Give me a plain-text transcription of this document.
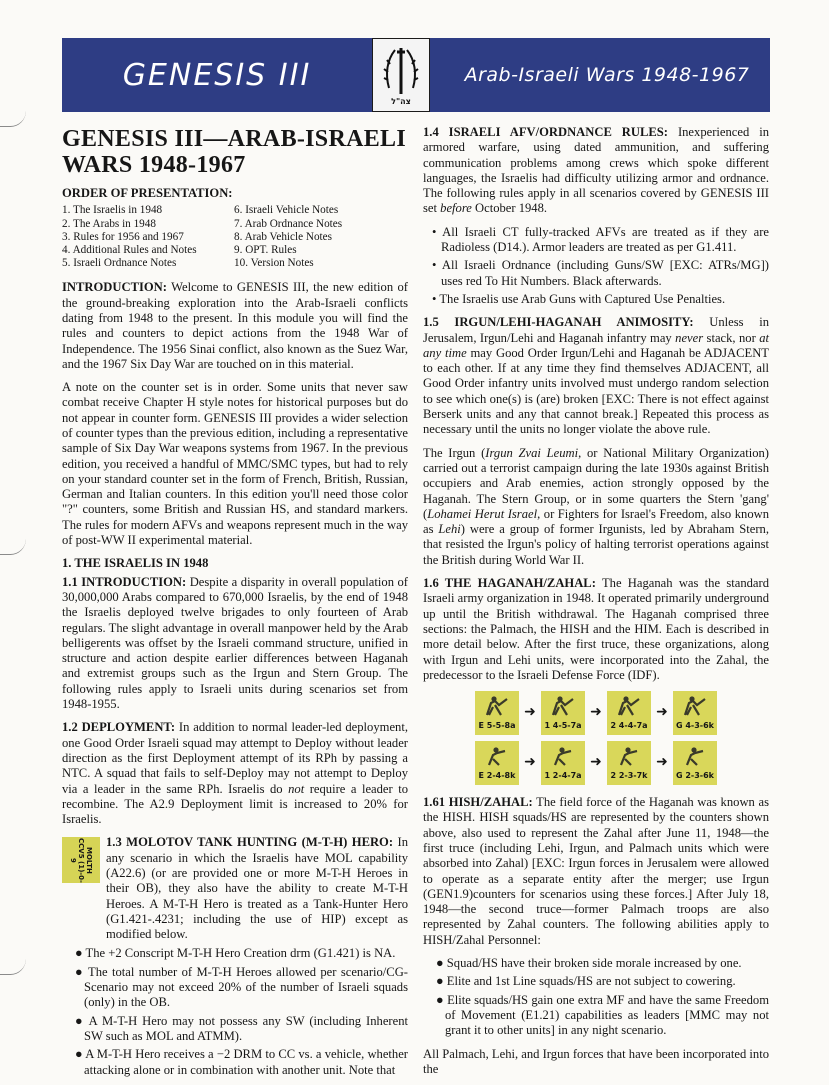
GENESIS III
צה"ל
Arab-Israeli Wars 1948-1967
GENESIS III—ARAB-ISRAELI WARS 1948-1967
ORDER OF PRESENTATION:
1. The Israelis in 1948	6. Israeli Vehicle Notes
2. The Arabs in 1948	7. Arab Ordnance Notes
3. Rules for 1956 and 1967	8. Arab Vehicle Notes
4. Additional Rules and Notes	9. OPT. Rules
5. Israeli Ordnance Notes	10. Version Notes

INTRODUCTION: Welcome to GENESIS III, the new edition of the ground-breaking exploration into the Arab-Israeli conflicts dating from 1948 to the present. In this module you will find the rules and counters to depict actions from the 1948 War of Independence. The 1956 Sinai conflict, also known as the Suez War, and the 1967 Six Day War are touched on in this material.

A note on the counter set is in order. Some units that never saw combat receive Chapter H style notes for historical purposes but do not appear in counter form. GENESIS III provides a wider selection of counter types than the previous edition, including a representative sample of Six Day War weapons systems from 1967. In the previous edition, you received a handful of MMC/SMC types, but had to rely on your standard counter set in the form of French, British, Russian, German and Italian counters. In this edition you'll need those color "?" counters, some British and Russian HS, and standard markers. The rules for modern AFVs and weapons represent much in the way of post-WW II experimental material.

1. THE ISRAELIS IN 1948

1.1 INTRODUCTION: Despite a disparity in overall population of 30,000,000 Arabs compared to 670,000 Israelis, by the end of 1948 the Israelis deployed twelve brigades to only fourteen of Arab regulars. The slight advantage in overall manpower held by the Arab belligerents was offset by the Israeli command structure, unified in structure and action despite earlier differences between Haganah and extremist groups such as the Irgun and Stern Group. The following rules apply to Israeli units during scenarios set from 1948-1955.

1.2 DEPLOYMENT: In addition to normal leader-led deployment, one Good Order Israeli squad may attempt to Deploy without leader direction as the first Deployment attempt of its RPh by passing a NTC. A squad that fails to self-Deploy may not attempt to Deploy via a leader in the same RPh. Israelis do not require a leader to recombine. The A2.9 Deployment limit is increased to 20% for Israelis.

MOLTH CCV5 (1)-0-9

1.3 MOLOTOV TANK HUNTING (M-T-H) HERO: In any scenario in which the Israelis have MOL capability (A22.6) (or are provided one or more M-T-H Heroes in their OB), they also have the ability to create M-T-H Heroes. A M-T-H Hero is treated as a Tank-Hunter Hero (G1.421-.4231; including the use of HIP) except as modified below.

● The +2 Conscript M-T-H Hero Creation drm (G1.421) is NA.
● The total number of M-T-H Heroes allowed per scenario/CG-Scenario may not exceed 20% of the number of Israeli squads (only) in the OB.
● A M-T-H Hero may not possess any SW (including Inherent SW such as MOL and ATMM).
● A M-T-H Hero receives a −2 DRM to CC vs. a vehicle, whether attacking alone or in combination with another unit. Note that

1.4 ISRAELI AFV/ORDNANCE RULES: Inexperienced in armored warfare, using dated ammunition, and suffering communication problems among crews which spoke different languages, the Israelis had difficulty utilizing armor and ordnance. The following rules apply in all scenarios covered by GENESIS III set before October 1948.

• All Israeli CT fully-tracked AFVs are treated as if they are Radioless (D14.). Armor leaders are treated as per G1.411.
• All Israeli Ordnance (including Guns/SW [EXC: ATRs/MG]) uses red To Hit Numbers. Black afterwards.
• The Israelis use Arab Guns with Captured Use Penalties.

1.5 IRGUN/LEHI-HAGANAH ANIMOSITY: Unless in Jerusalem, Irgun/Lehi and Haganah infantry may never stack, nor at any time may Good Order Irgun/Lehi and Haganah be ADJACENT to each other. If at any time they find themselves ADJACENT, all Good Order infantry units involved must undergo random selection to see which one(s) is (are) broken [EXC: There is not effect against Berserk units and any that cannot break.] Repeated this process as necessary until the units no longer violate the above rule.

The Irgun (Irgun Zvai Leumi, or National Military Organization) carried out a terrorist campaign during the late 1930s against British occupiers and Arab enemies, action strongly opposed by the Haganah. The Stern Group, or in some quarters the Stern 'gang' (Lohamei Herut Israel, or Fighters for Israel's Freedom, also known as Lehi) were a group of former Irgunists, led by Abraham Stern, that resisted the Irgun's policy of halting terrorist operations against the British during World War II.

1.6 THE HAGANAH/ZAHAL: The Haganah was the standard Israeli army organization in 1948. It operated primarily underground up until the British withdrawal. The Haganah comprised three sections: the Palmach, the HISH and the HIM. Each is described in more detail below. After the first truce, these organizations, along with Irgun and Lehi units, were incorporated into the Zahal, the predecessor to the Israeli Defense Force (IDF).

E 5-5-8a
➜
1 4-5-7a
➜
2 4-4-7a
➜
G 4-3-6k
E 2-4-8k
➜
1 2-4-7a
➜
2 2-3-7k
➜
G 2-3-6k

1.61 HISH/ZAHAL: The field force of the Haganah was known as the HISH. HISH squads/HS are represented by the counters shown above, also used to represent the Zahal after June 11, 1948—the first truce (including Lehi, Irgun, and Palmach units which were absorbed into Zahal) [EXC: Irgun forces in Jerusalem were allowed to operate as a separate entity after the merger; use Irgun (GEN1.9)counters for scenarios using these forces.] After July 18, 1948—the second truce—former Palmach troops are also represented by Zahal counters. The following abilities apply to HISH/Zahal Personnel:

● Squad/HS have their broken side morale increased by one.
● Elite and 1st Line squads/HS are not subject to cowering.
● Elite squads/HS gain one extra MF and have the same Freedom of Movement (E1.21) capabilities as leaders [MMC may not grant it to other units] in any night scenario.

All Palmach, Lehi, and Irgun forces that have been incorporated into the
